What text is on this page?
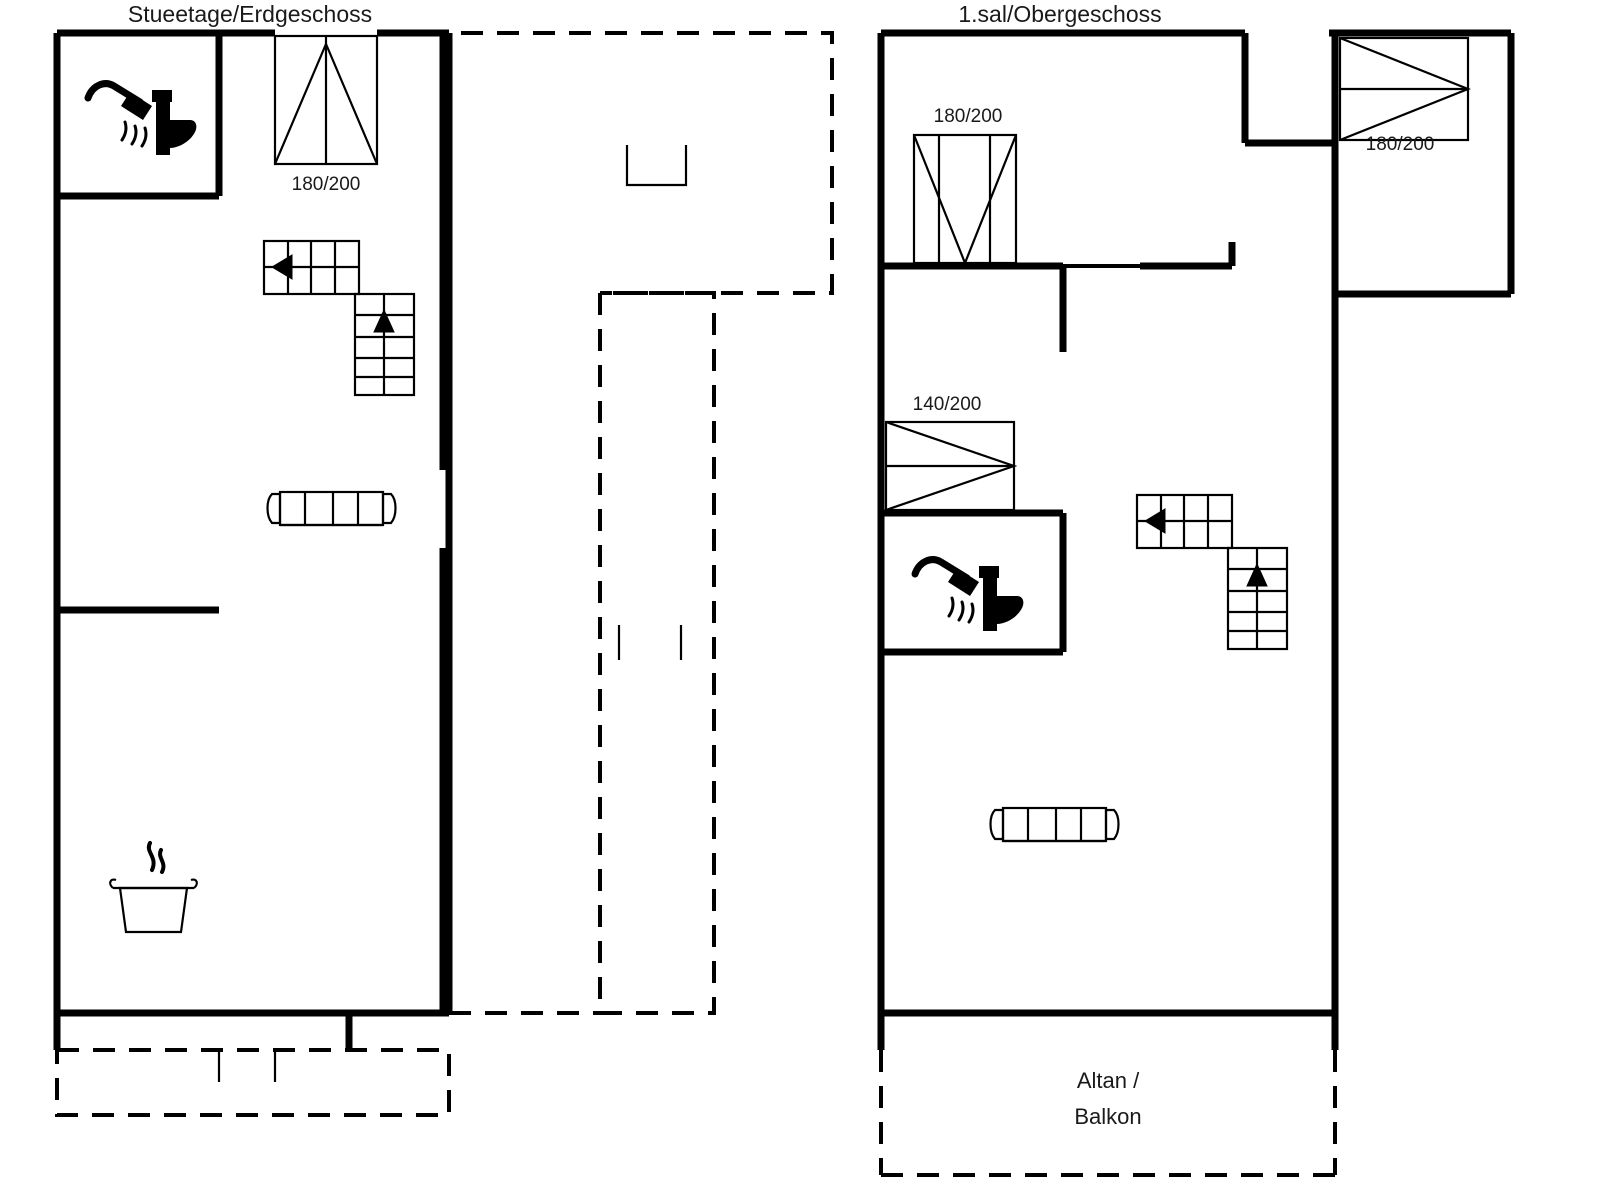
Stueetage/Erdgeschoss	1.sal/Obergeschoss
180/200
Altan /
Balkon
180/200
180/200
140/200
